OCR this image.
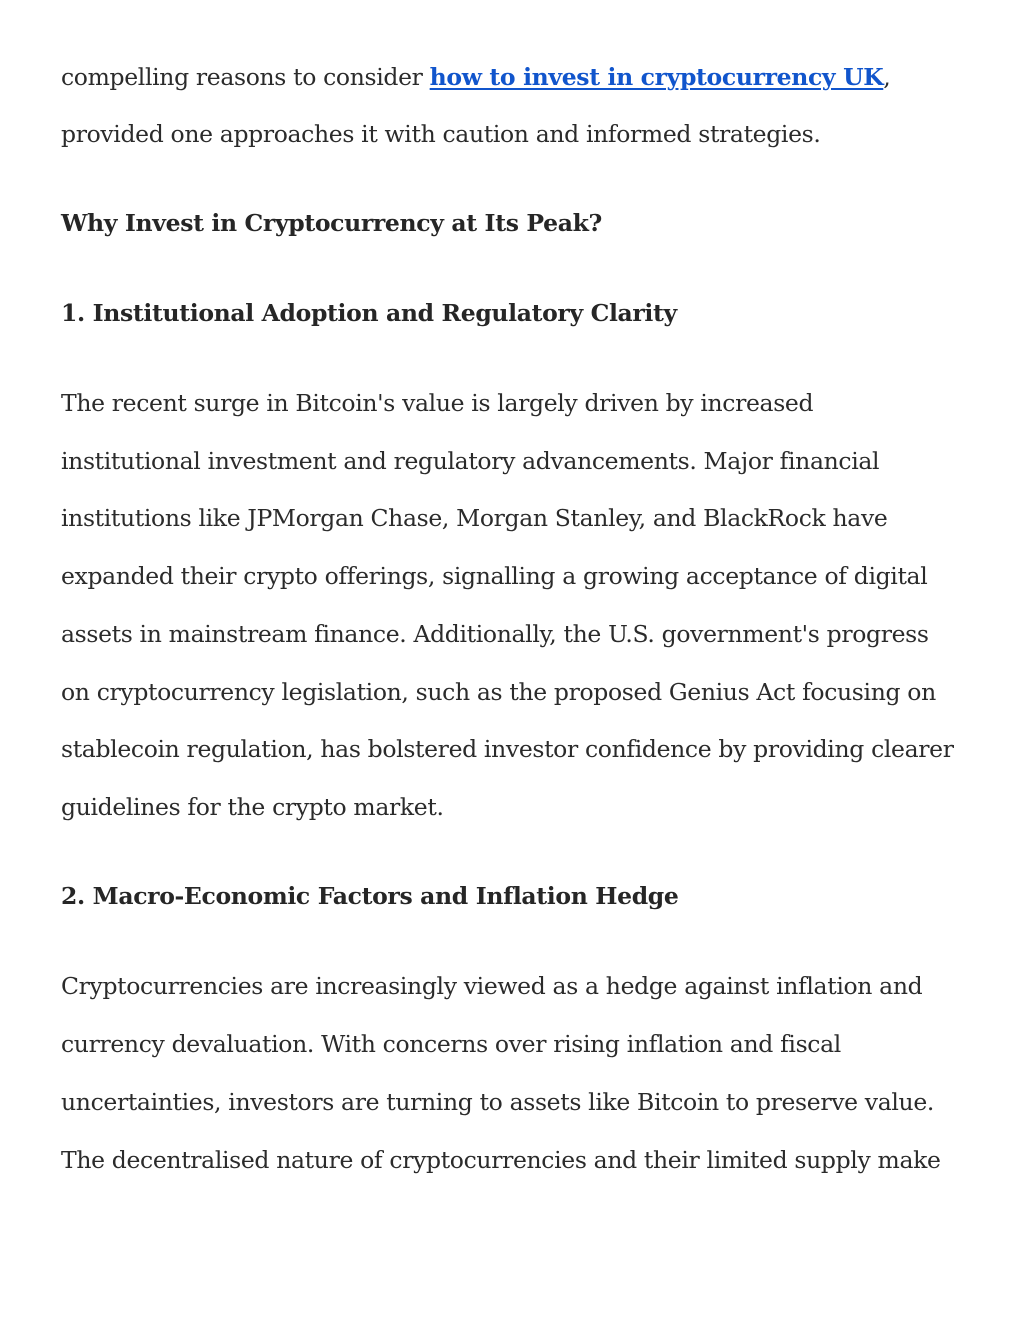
compelling reasons to consider how to invest in cryptocurrency UK,
provided one approaches it with caution and informed strategies.
Why Invest in Cryptocurrency at Its Peak?
1. Institutional Adoption and Regulatory Clarity
The recent surge in Bitcoin's value is largely driven by increased
institutional investment and regulatory advancements. Major financial
institutions like JPMorgan Chase, Morgan Stanley, and BlackRock have
expanded their crypto offerings, signalling a growing acceptance of digital
assets in mainstream finance. Additionally, the U.S. government's progress
on cryptocurrency legislation, such as the proposed Genius Act focusing on
stablecoin regulation, has bolstered investor confidence by providing clearer
guidelines for the crypto market.
2. Macro-Economic Factors and Inflation Hedge
Cryptocurrencies are increasingly viewed as a hedge against inflation and
currency devaluation. With concerns over rising inflation and fiscal
uncertainties, investors are turning to assets like Bitcoin to preserve value.
The decentralised nature of cryptocurrencies and their limited supply make
